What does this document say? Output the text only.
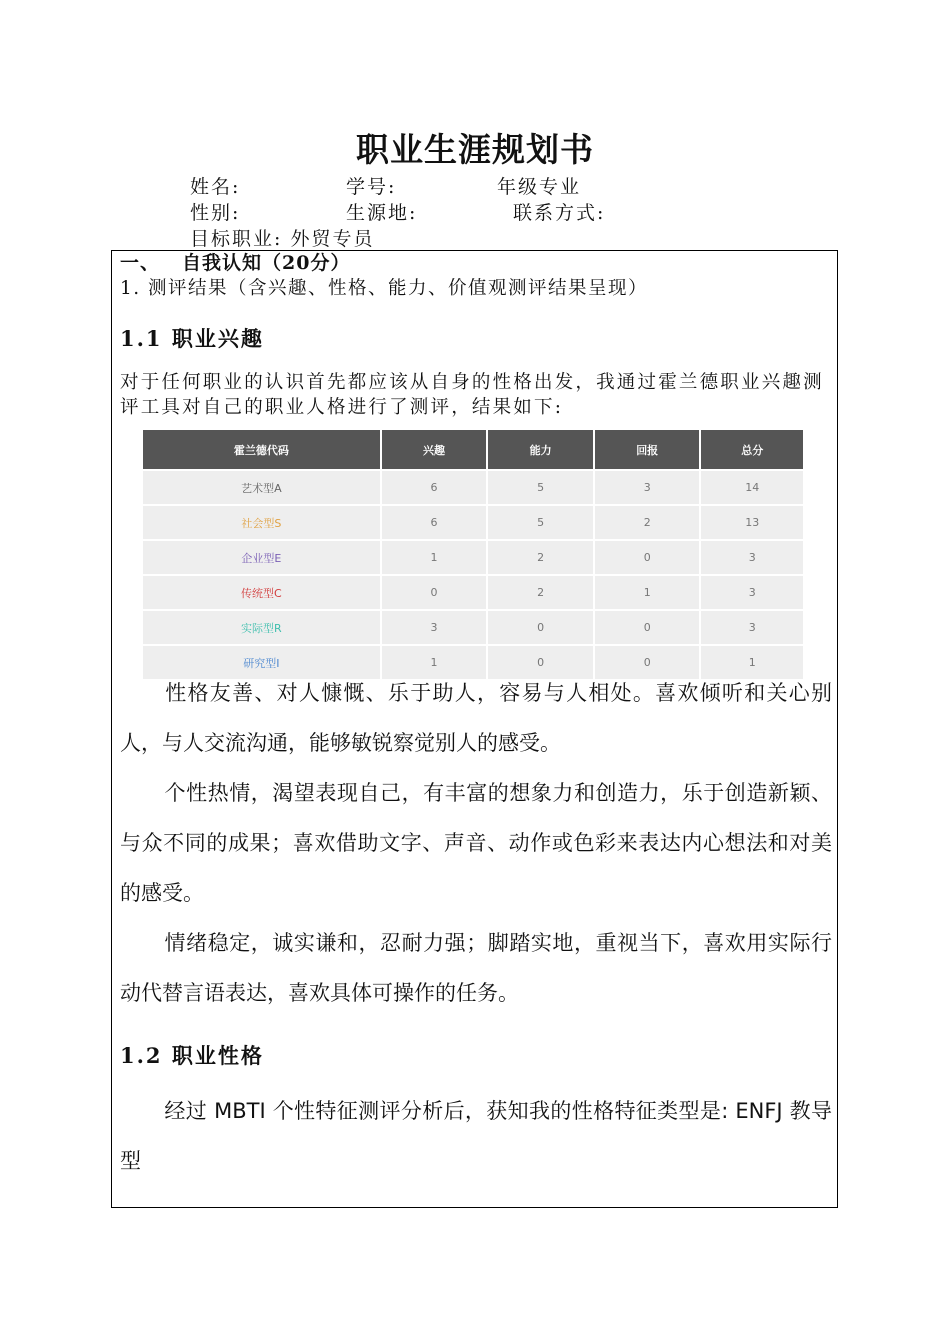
职业生涯规划书
姓名:	学号:	年级专业
性别:	生源地:	联系方式:
目标职业: 外贸专员
一、 自我认知（20分）
1. 测评结果（含兴趣、性格、能力、价值观测评结果呈现）
1.1 职业兴趣
对于任何职业的认识首先都应该从自身的性格出发，我通过霍兰德职业兴趣测评工具对自己的职业人格进行了测评，结果如下:
霍兰德代码	兴趣	能力	回报	总分
艺术型A	6	5	3	14
社会型S	6	5	2	13
企业型E	1	2	0	3
传统型C	0	2	1	3
实际型R	3	0	0	3
研究型I	1	0	0	1
性格友善、对人慷慨、乐于助人，容易与人相处。喜欢倾听和关心别人，与人交流沟通，能够敏锐察觉别人的感受。
个性热情，渴望表现自己，有丰富的想象力和创造力，乐于创造新颖、与众不同的成果；喜欢借助文字、声音、动作或色彩来表达内心想法和对美的感受。
情绪稳定，诚实谦和，忍耐力强；脚踏实地，重视当下，喜欢用实际行动代替言语表达，喜欢具体可操作的任务。
1.2 职业性格
经过 MBTI 个性特征测评分析后，获知我的性格特征类型是: ENFJ 教导型
